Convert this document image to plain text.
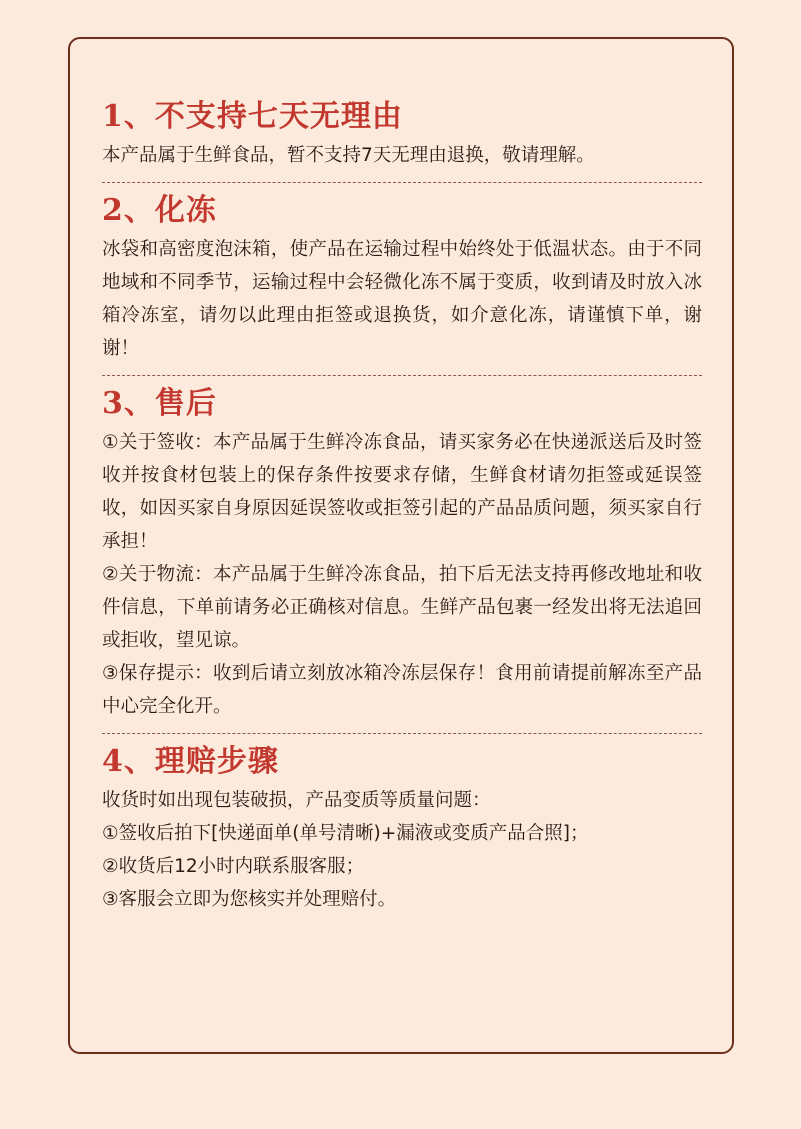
1、不支持七天无理由

本产品属于生鲜食品，暂不支持7天无理由退换，敬请理解。

2、化冻

冰袋和高密度泡沫箱，使产品在运输过程中始终处于低温状态。由于不同地域和不同季节，运输过程中会轻微化冻不属于变质，收到请及时放入冰箱冷冻室，请勿以此理由拒签或退换货，如介意化冻，请谨慎下单，谢谢！

3、售后

①关于签收：本产品属于生鲜冷冻食品，请买家务必在快递派送后及时签收并按食材包装上的保存条件按要求存储，生鲜食材请勿拒签或延误签收，如因买家自身原因延误签收或拒签引起的产品品质问题，须买家自行承担！

②关于物流：本产品属于生鲜冷冻食品，拍下后无法支持再修改地址和收件信息，下单前请务必正确核对信息。生鲜产品包裹一经发出将无法追回或拒收，望见谅。

③保存提示：收到后请立刻放冰箱冷冻层保存！食用前请提前解冻至产品中心完全化开。

4、理赔步骤

收货时如出现包装破损，产品变质等质量问题：

①签收后拍下[快递面单(单号清晰)+漏液或变质产品合照]；

②收货后12小时内联系服客服；

③客服会立即为您核实并处理赔付。
